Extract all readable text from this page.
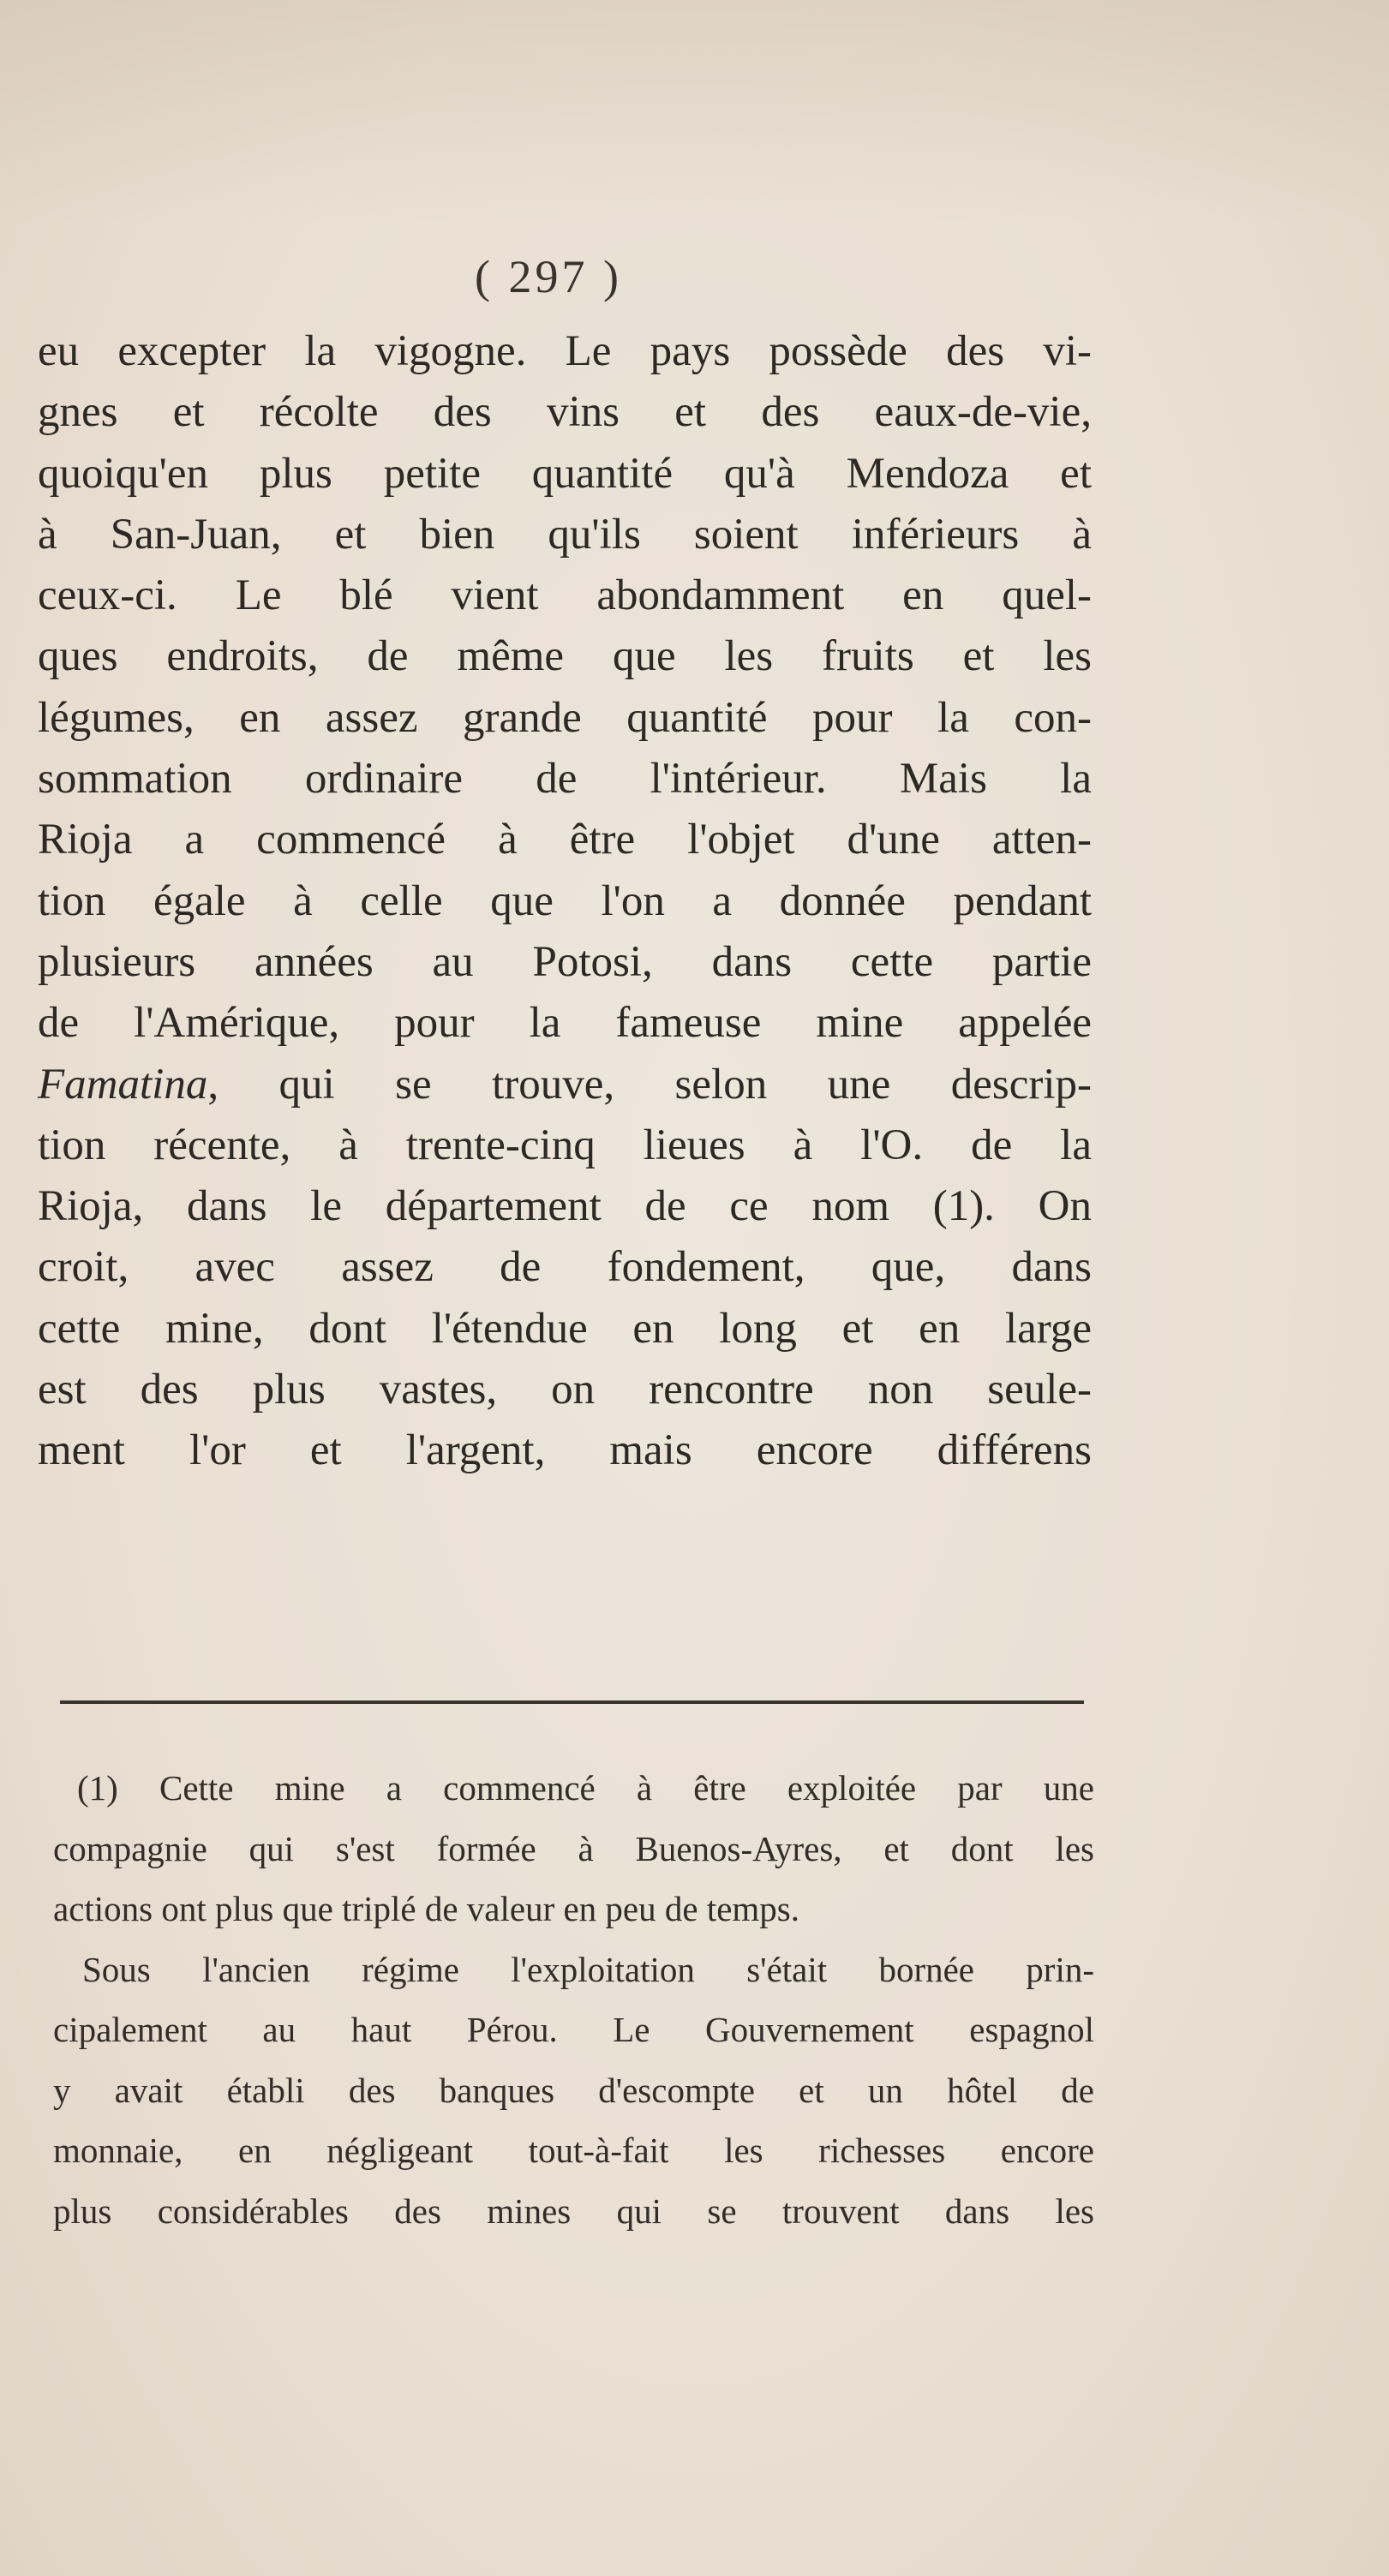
( 297 )
eu excepter la vigogne. Le pays possède des vi-
gnes et récolte des vins et des eaux-de-vie,
quoiqu'en plus petite quantité qu'à Mendoza et
à San-Juan, et bien qu'ils soient inférieurs à
ceux-ci. Le blé vient abondamment en quel-
ques endroits, de même que les fruits et les
légumes, en assez grande quantité pour la con-
sommation ordinaire de l'intérieur. Mais la
Rioja a commencé à être l'objet d'une atten-
tion égale à celle que l'on a donnée pendant
plusieurs années au Potosi, dans cette partie
de l'Amérique, pour la fameuse mine appelée
Famatina, qui se trouve, selon une descrip-
tion récente, à trente-cinq lieues à l'O. de la
Rioja, dans le département de ce nom (1). On
croit, avec assez de fondement, que, dans
cette mine, dont l'étendue en long et en large
est des plus vastes, on rencontre non seule-
ment l'or et l'argent, mais encore différens
(1) Cette mine a commencé à être exploitée par une
compagnie qui s'est formée à Buenos-Ayres, et dont les
actions ont plus que triplé de valeur en peu de temps.
Sous l'ancien régime l'exploitation s'était bornée prin-
cipalement au haut Pérou. Le Gouvernement espagnol
y avait établi des banques d'escompte et un hôtel de
monnaie, en négligeant tout-à-fait les richesses encore
plus considérables des mines qui se trouvent dans les
